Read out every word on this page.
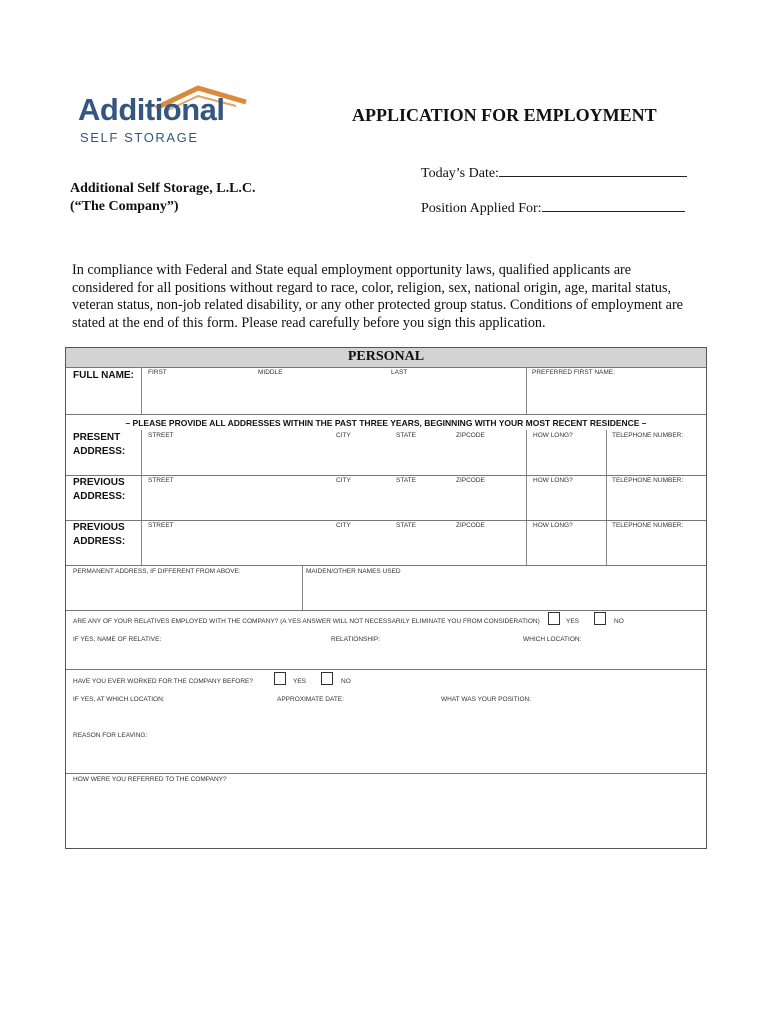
Additional
SELF STORAGE
APPLICATION FOR EMPLOYMENT
Today’s Date:
Position Applied For:
Additional Self Storage, L.L.C.
(“The Company”)
In compliance with Federal and State equal employment opportunity laws, qualified applicants are considered for all positions without regard to race, color, religion, sex, national origin, age, marital status, veteran status, non-job related disability, or any other protected group status. Conditions of employment are stated at the end of this form. Please read carefully before you sign this application.
PERSONAL
FULL NAME: FIRST	MIDDLE	LAST	PREFERRED FIRST NAME:
– PLEASE PROVIDE ALL ADDRESSES WITHIN THE PAST THREE YEARS, BEGINNING WITH YOUR MOST RECENT RESIDENCE –
PRESENT
ADDRESS:
STREET	CITY	STATE	ZIPCODE	HOW LONG?	TELEPHONE NUMBER:
PREVIOUS
ADDRESS:
STREET	CITY	STATE	ZIPCODE	HOW LONG?	TELEPHONE NUMBER:
PREVIOUS
ADDRESS:
STREET	CITY	STATE	ZIPCODE	HOW LONG?	TELEPHONE NUMBER:
PERMANENT ADDRESS, IF DIFFERENT FROM ABOVE:	MAIDEN/OTHER NAMES USED
ARE ANY OF YOUR RELATIVES EMPLOYED WITH THE COMPANY? (A YES ANSWER WILL NOT NECESSARILY ELIMINATE YOU FROM CONSIDERATION)	YES	NO
IF YES, NAME OF RELATIVE:	RELATIONSHIP:	WHICH LOCATION:
HAVE YOU EVER WORKED FOR THE COMPANY BEFORE?	YES	NO
IF YES, AT WHICH LOCATION:	APPROXIMATE DATE:	WHAT WAS YOUR POSITION:
REASON FOR LEAVING:
HOW WERE YOU REFERRED TO THE COMPANY?
